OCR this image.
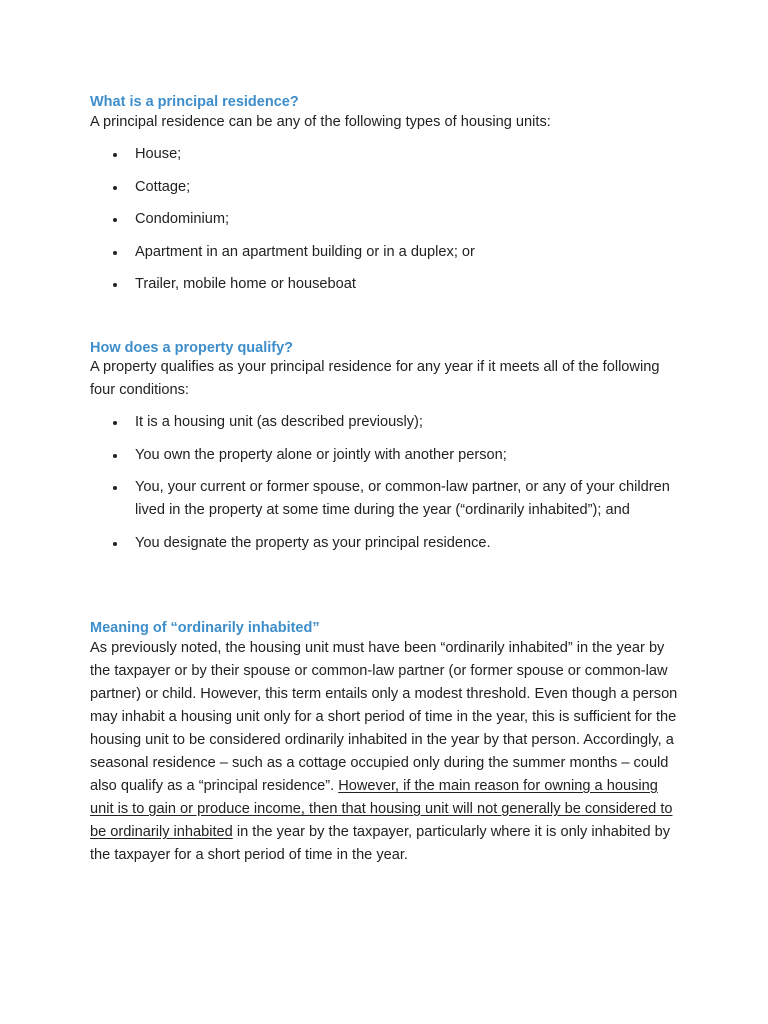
What is a principal residence?
A principal residence can be any of the following types of housing units:
House;
Cottage;
Condominium;
Apartment in an apartment building or in a duplex; or
Trailer, mobile home or houseboat
How does a property qualify?
A property qualifies as your principal residence for any year if it meets all of the following four conditions:
It is a housing unit (as described previously);
You own the property alone or jointly with another person;
You, your current or former spouse, or common-law partner, or any of your children lived in the property at some time during the year (“ordinarily inhabited”); and
You designate the property as your principal residence.
Meaning of “ordinarily inhabited”
As previously noted, the housing unit must have been “ordinarily inhabited” in the year by the taxpayer or by their spouse or common-law partner (or former spouse or common-law partner) or child. However, this term entails only a modest threshold. Even though a person may inhabit a housing unit only for a short period of time in the year, this is sufficient for the housing unit to be considered ordinarily inhabited in the year by that person. Accordingly, a seasonal residence – such as a cottage occupied only during the summer months – could also qualify as a “principal residence”. However, if the main reason for owning a housing unit is to gain or produce income, then that housing unit will not generally be considered to be ordinarily inhabited in the year by the taxpayer, particularly where it is only inhabited by the taxpayer for a short period of time in the year.
